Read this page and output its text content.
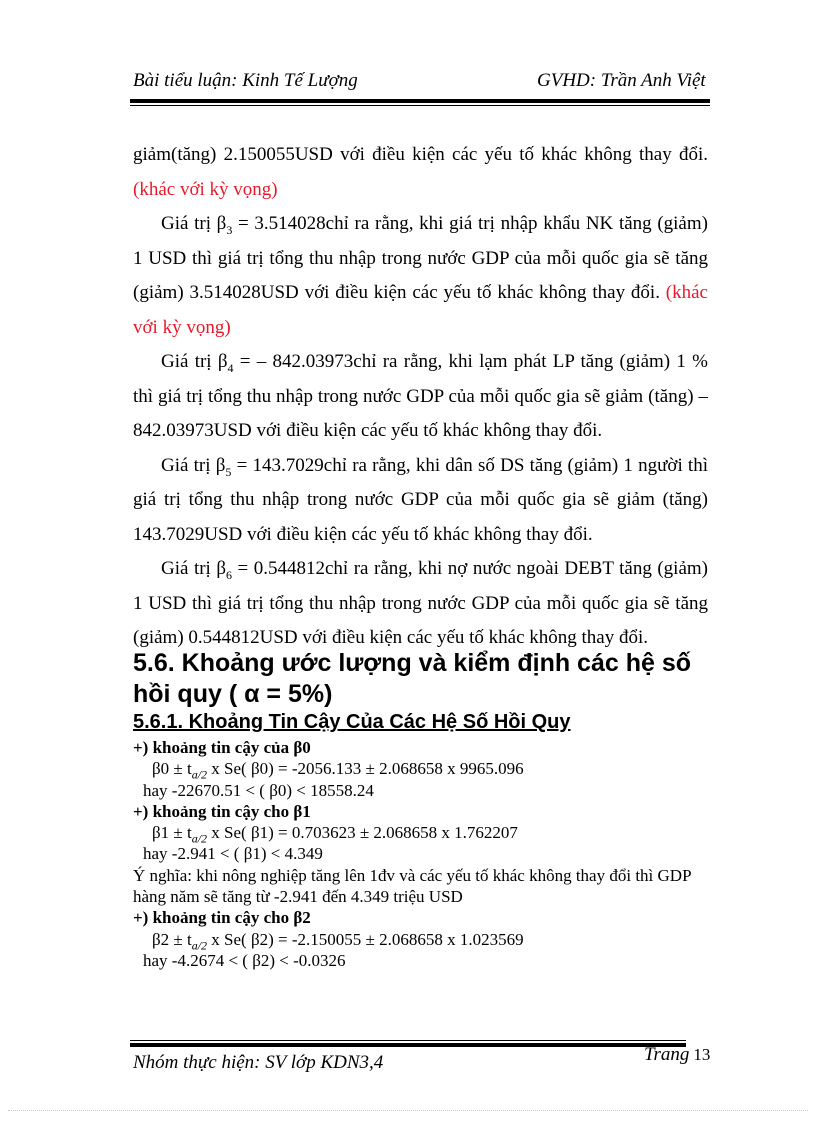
Bài tiểu luận: Kinh Tế Lượng	GVHD: Trần Anh Việt

giảm(tăng) 2.150055USD với điều kiện các yếu tố khác không thay đổi. (khác với kỳ vọng)

Giá trị $\beta_3$ = 3.514028chỉ ra rằng, khi giá trị nhập khẩu NK tăng (giảm) 1 USD thì giá trị tổng thu nhập trong nước GDP của mỗi quốc gia sẽ tăng (giảm) 3.514028USD với điều kiện các yếu tố khác không thay đổi. (khác với kỳ vọng)

Giá trị $\beta_4$ = – 842.03973chỉ ra rằng, khi lạm phát LP tăng (giảm) 1 % thì giá trị tổng thu nhập trong nước GDP của mỗi quốc gia sẽ giảm (tăng) – 842.03973USD với điều kiện các yếu tố khác không thay đổi.

Giá trị $\beta_5$ = 143.7029chỉ ra rằng, khi dân số DS tăng (giảm) 1 người thì giá trị tổng thu nhập trong nước GDP của mỗi quốc gia sẽ giảm (tăng) 143.7029USD với điều kiện các yếu tố khác không thay đổi.

Giá trị $\beta_6$ = 0.544812chỉ ra rằng, khi nợ nước ngoài DEBT tăng (giảm) 1 USD thì giá trị tổng thu nhập trong nước GDP của mỗi quốc gia sẽ tăng (giảm) 0.544812USD với điều kiện các yếu tố khác không thay đổi.

5.6. Khoảng ước lượng và kiểm định các hệ số hồi quy ( α = 5%)
5.6.1. Khoảng Tin Cậy Của Các Hệ Số Hồi Quy
+) khoảng tin cậy của β0
$\beta 0 \pm t_{a/2}$ x Se( β0) = -2056.133 ± 2.068658 x 9965.096
hay -22670.51 < ( β0) < 18558.24
+) khoảng tin cậy cho β1
$\beta 1 \pm t_{a/2}$ x Se( β1) = 0.703623 ± 2.068658 x 1.762207
hay -2.941 < ( β1) < 4.349
Ý nghĩa: khi nông nghiệp tăng lên 1đv và các yếu tố khác không thay đổi thì GDP hàng năm sẽ tăng từ -2.941 đến 4.349 triệu USD
+) khoảng tin cậy cho β2
$\beta 2 \pm t_{a/2}$ x Se( β2) = -2.150055 ± 2.068658 x 1.023569
hay -4.2674 < ( β2) < -0.0326
Nhóm thực hiện: SV lớp KDN3,4	Trang 13
